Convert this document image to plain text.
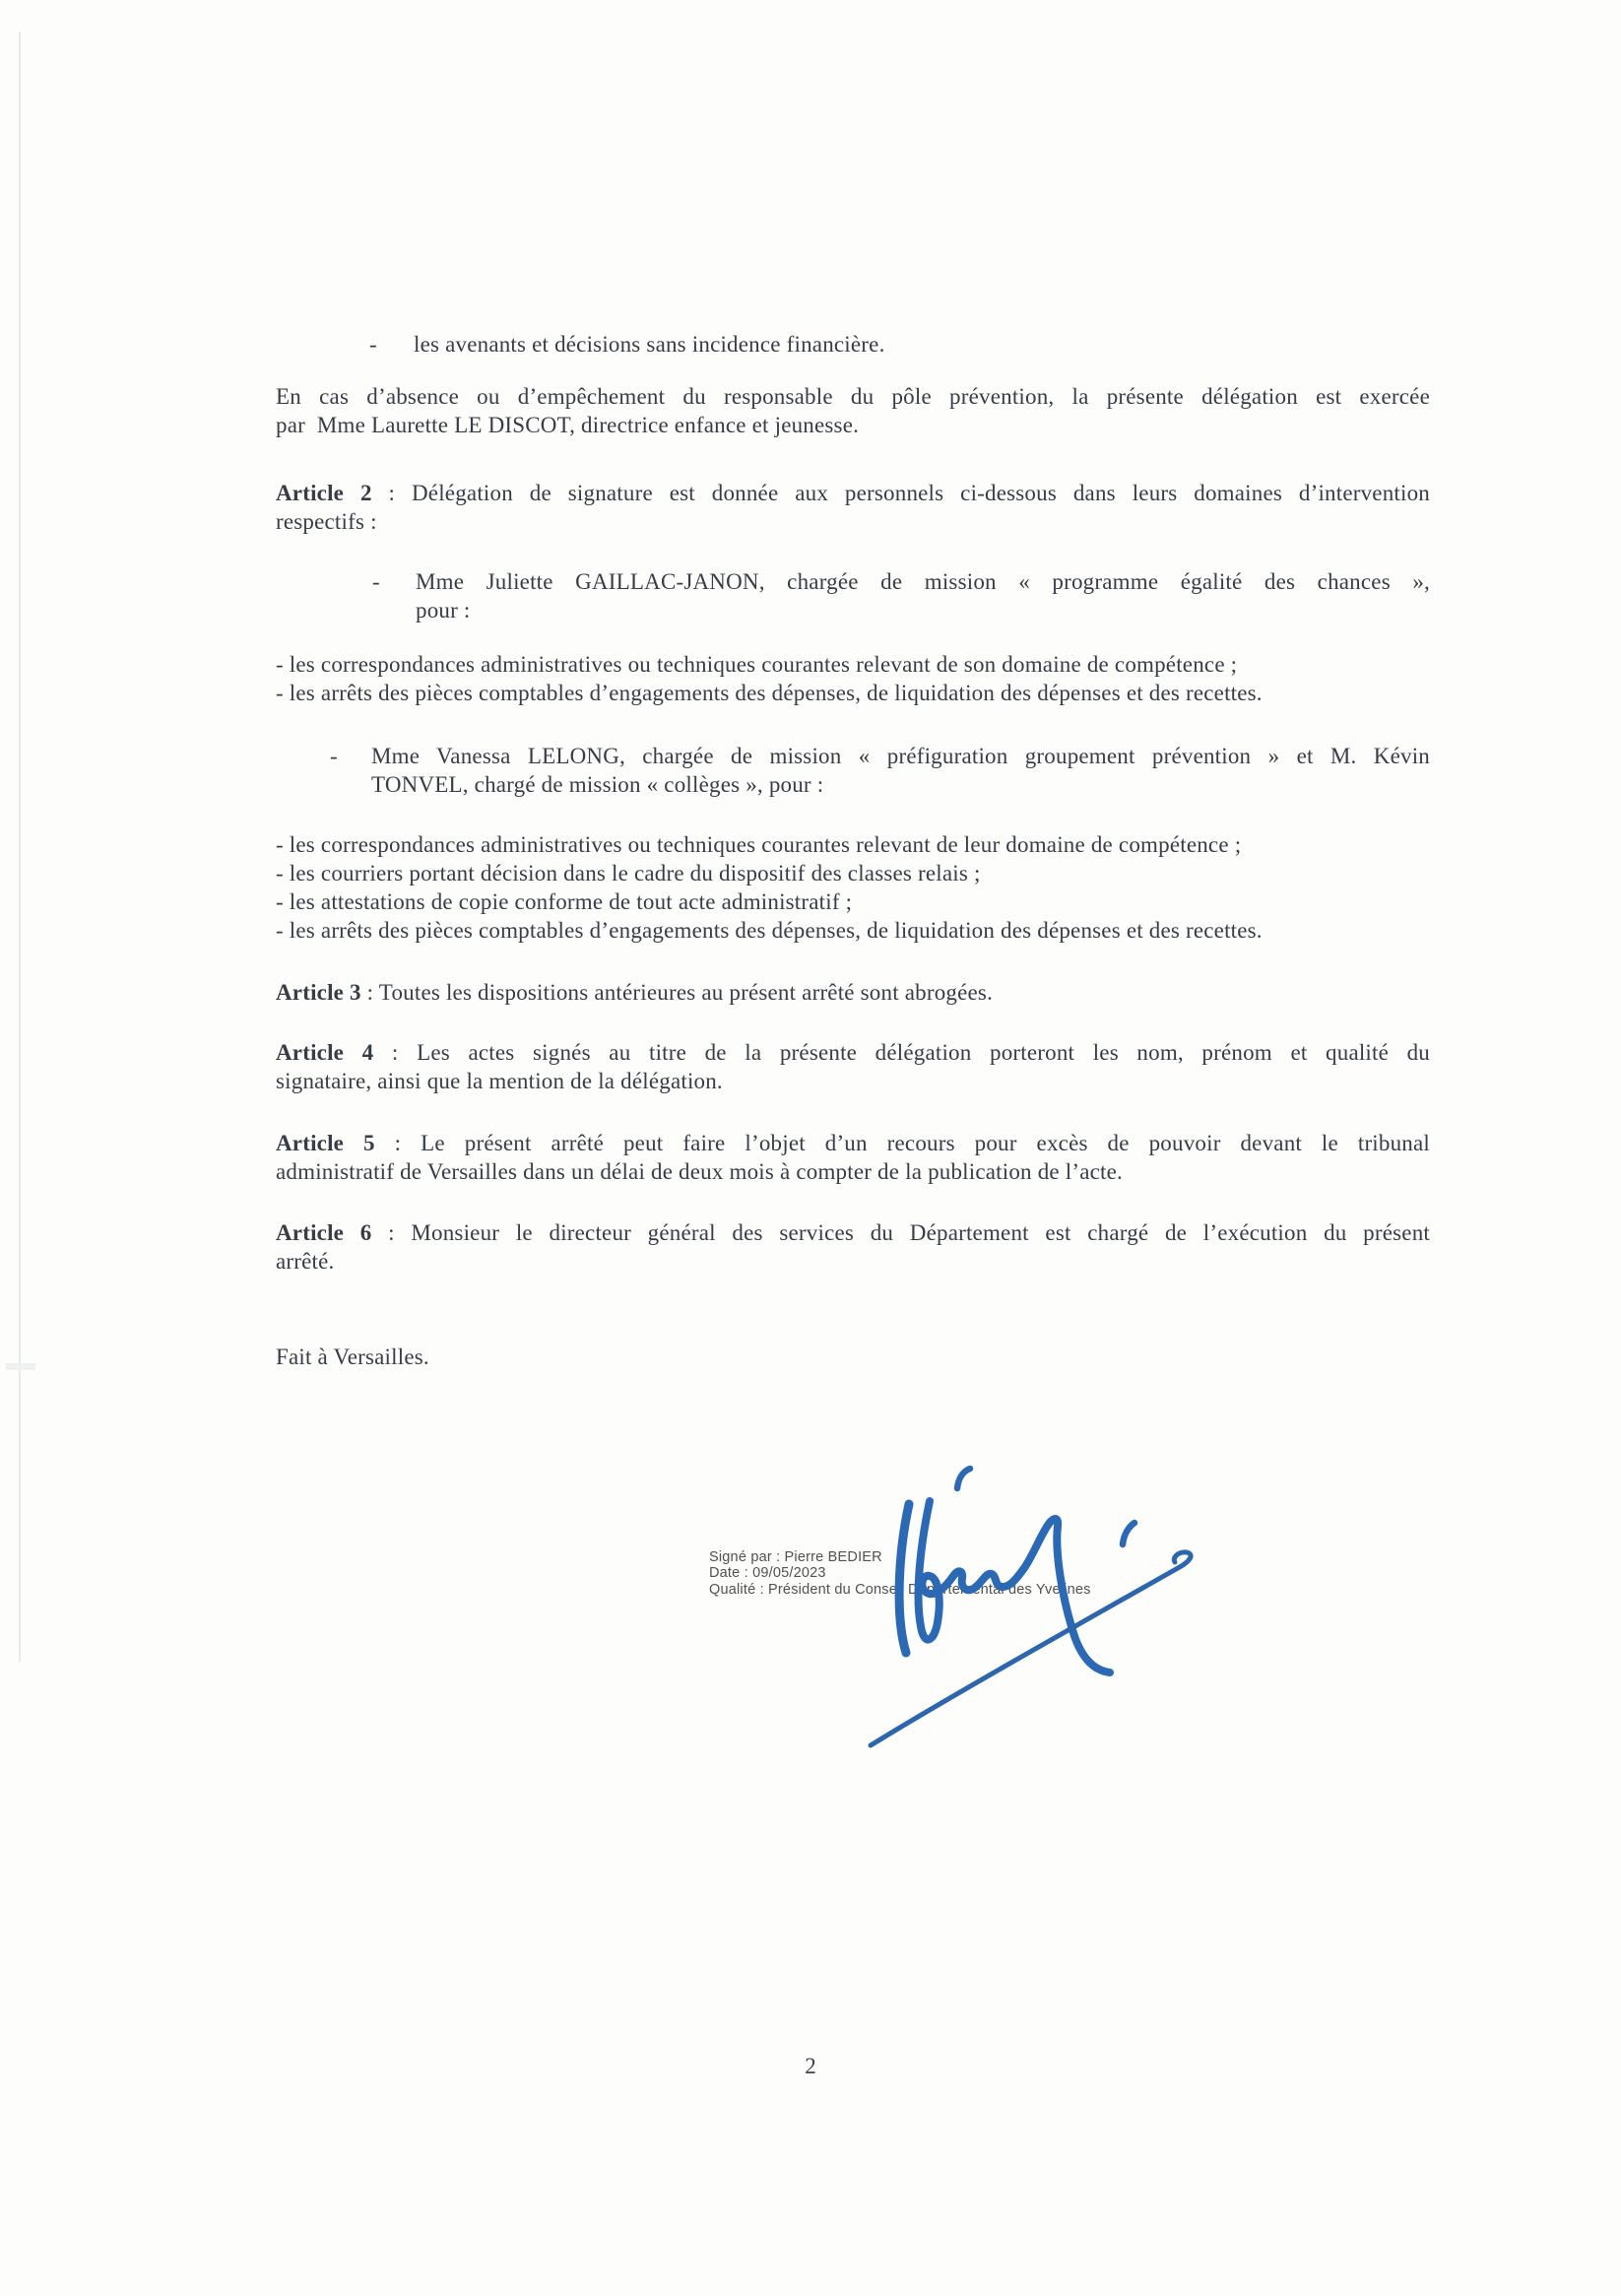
- les avenants et décisions sans incidence financière.
En cas d’absence ou d’empêchement du responsable du pôle prévention, la présente délégation est exercée
par  Mme Laurette LE DISCOT, directrice enfance et jeunesse.
Article 2 : Délégation de signature est donnée aux personnels ci-dessous dans leurs domaines d’intervention
respectifs :
- Mme Juliette GAILLAC-JANON, chargée de mission « programme égalité des chances »,
pour :
- les correspondances administratives ou techniques courantes relevant de son domaine de compétence ;
- les arrêts des pièces comptables d’engagements des dépenses, de liquidation des dépenses et des recettes.
- Mme Vanessa LELONG, chargée de mission « préfiguration groupement prévention » et M. Kévin
TONVEL, chargé de mission « collèges », pour :
- les correspondances administratives ou techniques courantes relevant de leur domaine de compétence ;
- les courriers portant décision dans le cadre du dispositif des classes relais ;
- les attestations de copie conforme de tout acte administratif ;
- les arrêts des pièces comptables d’engagements des dépenses, de liquidation des dépenses et des recettes.
Article 3 : Toutes les dispositions antérieures au présent arrêté sont abrogées.
Article 4 : Les actes signés au titre de la présente délégation porteront les nom, prénom et qualité du
signataire, ainsi que la mention de la délégation.
Article 5 : Le présent arrêté peut faire l’objet d’un recours pour excès de pouvoir devant le tribunal
administratif de Versailles dans un délai de deux mois à compter de la publication de l’acte.
Article 6 : Monsieur le directeur général des services du Département est chargé de l’exécution du présent
arrêté.
Fait à Versailles.
Signé par : Pierre BEDIER
Date : 09/05/2023
Qualité : Président du Conseil Départemental des Yvelines
2
